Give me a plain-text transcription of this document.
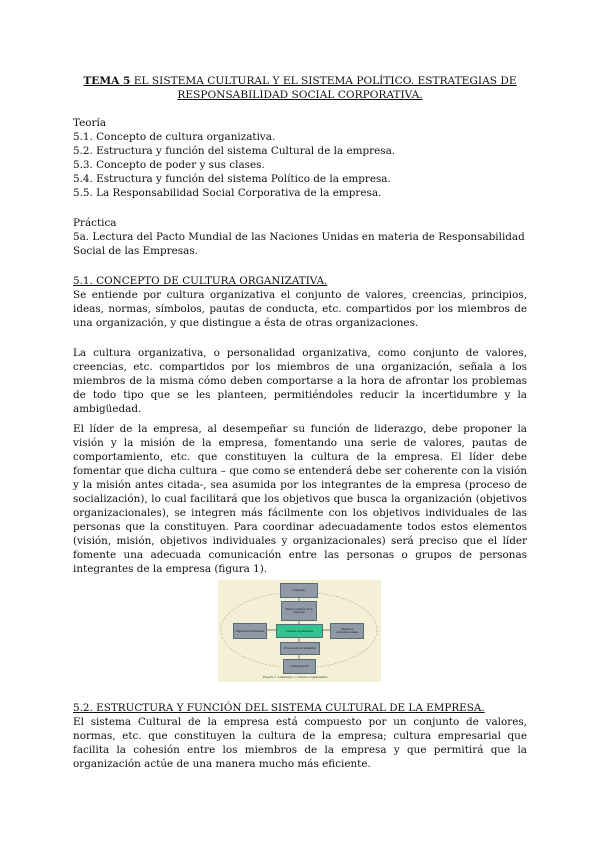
TEMA 5 EL SISTEMA CULTURAL Y EL SISTEMA POLÍTICO. ESTRATEGIAS DE RESPONSABILIDAD SOCIAL CORPORATIVA.

Teoría

5.1. Concepto de cultura organizativa.

5.2. Estructura y función del sistema Cultural de la empresa.

5.3. Concepto de poder y sus clases.

5.4. Estructura y función del sistema Político de la empresa.

5.5. La Responsabilidad Social Corporativa de la empresa.

Práctica

5a. Lectura del Pacto Mundial de las Naciones Unidas en materia de Responsabilidad Social de las Empresas.

5.1. CONCEPTO DE CULTURA ORGANIZATIVA.

Se entiende por cultura organizativa el conjunto de valores, creencias, principios, ideas, normas, símbolos, pautas de conducta, etc. compartidos por los miembros de una organización, y que distingue a ésta de otras organizaciones.

La cultura organizativa, o personalidad organizativa, como conjunto de valores, creencias, etc. compartidos por los miembros de una organización, señala a los miembros de la misma cómo deben comportarse a la hora de afrontar los problemas de todo tipo que se les planteen, permitiéndoles reducir la incertidumbre y la ambigüedad.

El líder de la empresa, al desempeñar su función de liderazgo, debe proponer la visión y la misión de la empresa, fomentando una serie de valores, pautas de comportamiento, etc. que constituyen la cultura de la empresa. El líder debe fomentar que dicha cultura – que como se entenderá debe ser coherente con la visión y la misión antes citada-, sea asumida por los integrantes de la empresa (proceso de socialización), lo cual facilitará que los objetivos que busca la organización (objetivos organizacionales), se integren más fácilmente con los objetivos individuales de las personas que la constituyen. Para coordinar adecuadamente todos estos elementos (visión, misión, objetivos individuales y organizacionales) será preciso que el líder fomente una adecuada comunicación entre las personas o grupos de personas integrantes de la empresa (figura 1).

Liderazgo
Visión y misión de la empresa
Objetivos individuales	Cultura organizativa	Objetivos organizacionales
Proceso de socialización
Comunicación
Figura 1. Liderazgo y cultura organizativa

5.2. ESTRUCTURA Y FUNCIÓN DEL SISTEMA CULTURAL DE LA EMPRESA.

El sistema Cultural de la empresa está compuesto por un conjunto de valores, normas, etc. que constituyen la cultura de la empresa; cultura empresarial que facilita la cohesión entre los miembros de la empresa y que permitirá que la organización actúe de una manera mucho más eficiente.
